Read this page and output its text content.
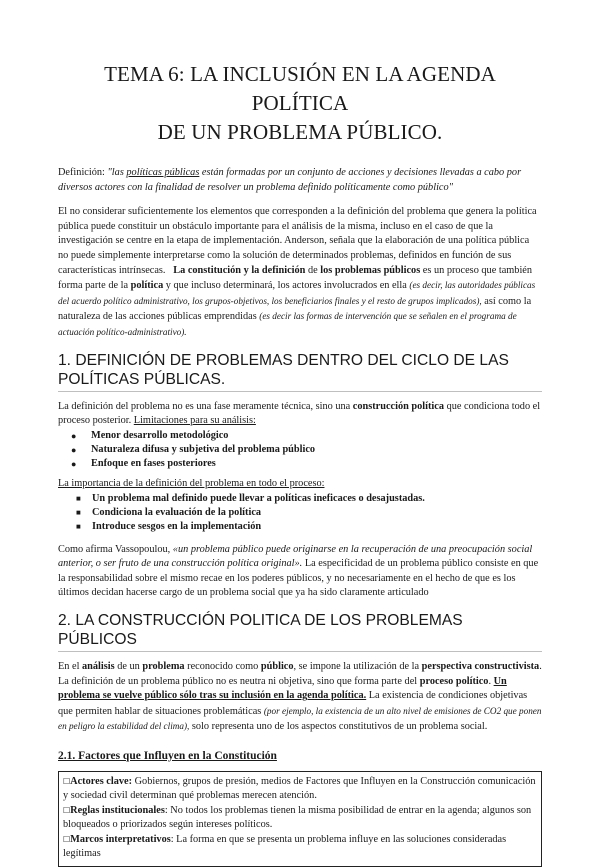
TEMA 6: LA INCLUSIÓN EN LA AGENDA POLÍTICA
DE UN PROBLEMA PÚBLICO.

Definición: "las políticas públicas están formadas por un conjunto de acciones y decisiones llevadas a cabo por diversos actores con la finalidad de resolver un problema definido políticamente como público"

El no considerar suficientemente los elementos que corresponden a la definición del problema que genera la política pública puede constituir un obstáculo importante para el análisis de la misma, incluso en el caso de que la investigación se centre en la etapa de implementación. Anderson, señala que la elaboración de una política pública no puede simplemente interpretarse como la solución de determinados problemas, definidos en función de sus características intrínsecas. La constitución y la definición de los problemas públicos es un proceso que también forma parte de la política y que incluso determinará, los actores involucrados en ella (es decir, las autoridades públicas del acuerdo político administrativo, los grupos-objetivos, los beneficiarios finales y el resto de grupos implicados), así como la naturaleza de las acciones públicas emprendidas (es decir las formas de intervención que se señalen en el programa de actuación político-administrativo).

1. DEFINICIÓN DE PROBLEMAS DENTRO DEL CICLO DE LAS POLÍTICAS PÚBLICAS.

La definición del problema no es una fase meramente técnica, sino una construcción política que condiciona todo el proceso posterior. Limitaciones para su análisis:

● Menor desarrollo metodológico
● Naturaleza difusa y subjetiva del problema público
● Enfoque en fases posteriores

La importancia de la definición del problema en todo el proceso:

■ Un problema mal definido puede llevar a políticas ineficaces o desajustadas.
■ Condiciona la evaluación de la política
■ Introduce sesgos en la implementación

Como afirma Vassopoulou, «un problema público puede originarse en la recuperación de una preocupación social anterior, o ser fruto de una construcción política original». La especificidad de un problema público consiste en que la responsabilidad sobre el mismo recae en los poderes públicos, y no necesariamente en el hecho de que es los últimos decidan hacerse cargo de un problema social que ya ha sido claramente articulado

2. LA CONSTRUCCIÓN POLITICA DE LOS PROBLEMAS PÚBLICOS

En el análisis de un problema reconocido como público, se impone la utilización de la perspectiva constructivista. La definición de un problema público no es neutra ni objetiva, sino que forma parte del proceso político. Un problema se vuelve público sólo tras su inclusión en la agenda política. La existencia de condiciones objetivas que permiten hablar de situaciones problemáticas (por ejemplo, la existencia de un alto nivel de emisiones de CO2 que ponen en peligro la estabilidad del clima), solo representa uno de los aspectos constitutivos de un problema social.

2.1. Factores que Influyen en la Constitución
☐Actores clave: Gobiernos, grupos de presión, medios de Factores que Influyen en la Construcción comunicación y sociedad civil determinan qué problemas merecen atención.
☐Reglas institucionales: No todos los problemas tienen la misma posibilidad de entrar en la agenda; algunos son bloqueados o priorizados según intereses políticos.
☐Marcos interpretativos: La forma en que se presenta un problema influye en las soluciones consideradas legítimas
